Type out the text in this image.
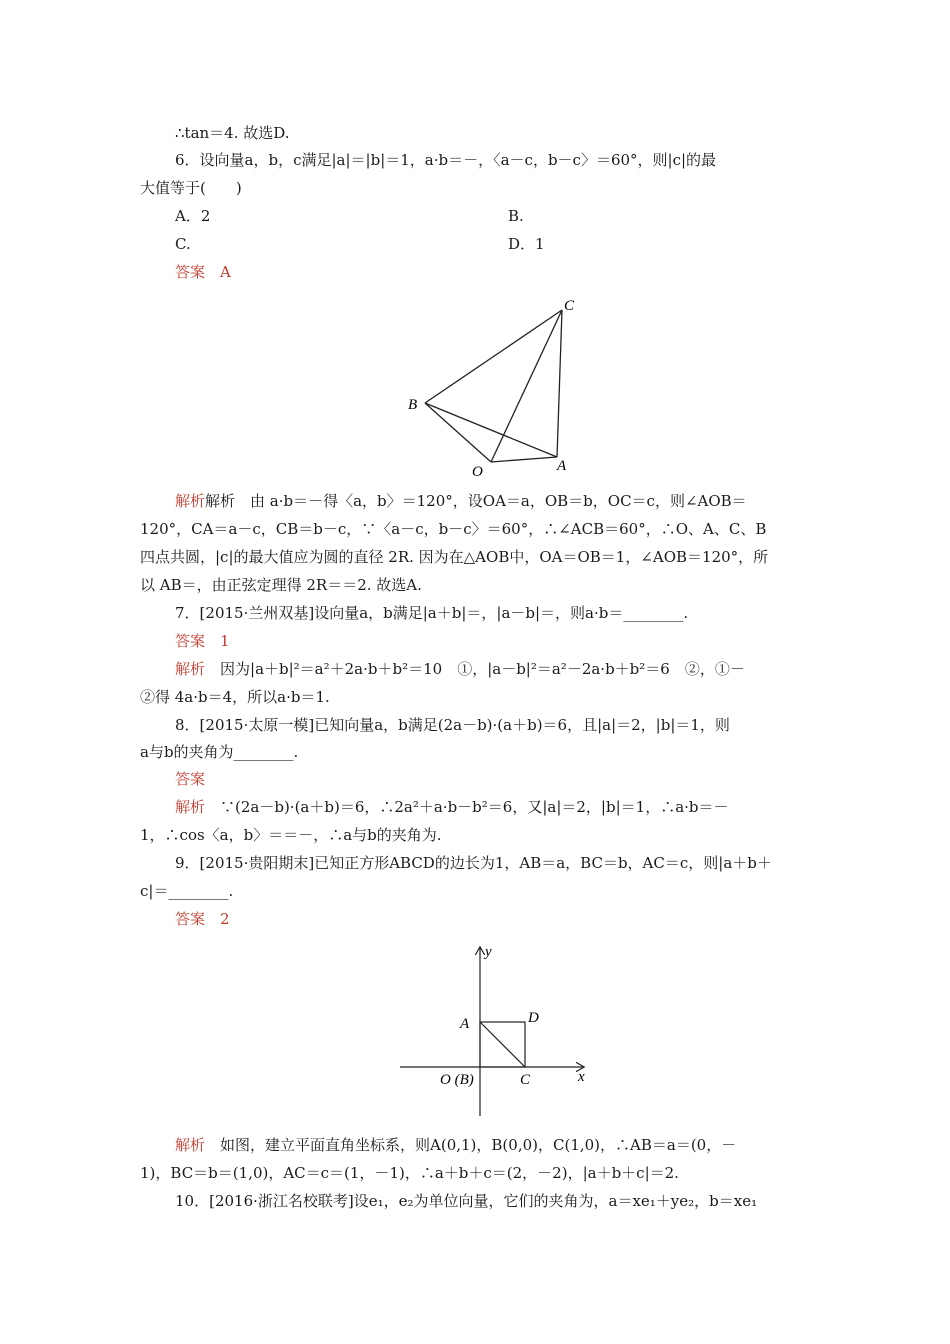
∴tan＝4. 故选D.
6．设向量a，b，c满足|a|＝|b|＝1，a·b＝－，〈a－c，b－c〉＝60°，则|c|的最
大值等于(　　)
A．2	B.
C.	D．1
答案　A
C
B
O	A
解析解析　由 a·b＝－得〈a，b〉＝120°，设OA＝a，OB＝b，OC＝c，则∠AOB＝
120°，CA＝a－c，CB＝b－c，∵〈a－c，b－c〉＝60°，∴∠ACB＝60°，∴O、A、C、B
四点共圆，|c|的最大值应为圆的直径 2R. 因为在△AOB中，OA＝OB＝1，∠AOB＝120°，所
以 AB＝，由正弦定理得 2R＝＝2. 故选A.
7．[2015·兰州双基]设向量a，b满足|a＋b|＝，|a－b|＝，则a·b＝________.
答案　1
解析　因为|a＋b|²＝a²＋2a·b＋b²＝10　①，|a－b|²＝a²－2a·b＋b²＝6　②，①－
②得 4a·b＝4，所以a·b＝1.
8．[2015·太原一模]已知向量a，b满足(2a－b)·(a＋b)＝6，且|a|＝2，|b|＝1，则
a与b的夹角为________.
答案
解析　∵(2a－b)·(a＋b)＝6，∴2a²＋a·b－b²＝6，又|a|＝2，|b|＝1，∴a·b＝－
1，∴cos〈a，b〉＝＝－，∴a与b的夹角为.
9．[2015·贵阳期末]已知正方形ABCD的边长为1，AB＝a，BC＝b，AC＝c，则|a＋b＋
c|＝________.
答案　2
y
A	D
O (B)	C	x
解析　如图，建立平面直角坐标系，则A(0,1)，B(0,0)，C(1,0)，∴AB＝a＝(0，－
1)，BC＝b＝(1,0)，AC＝c＝(1，－1)，∴a＋b＋c＝(2，－2)，|a＋b＋c|＝2.
10．[2016·浙江名校联考]设e₁，e₂为单位向量，它们的夹角为，a＝xe₁＋ye₂，b＝xe₁
